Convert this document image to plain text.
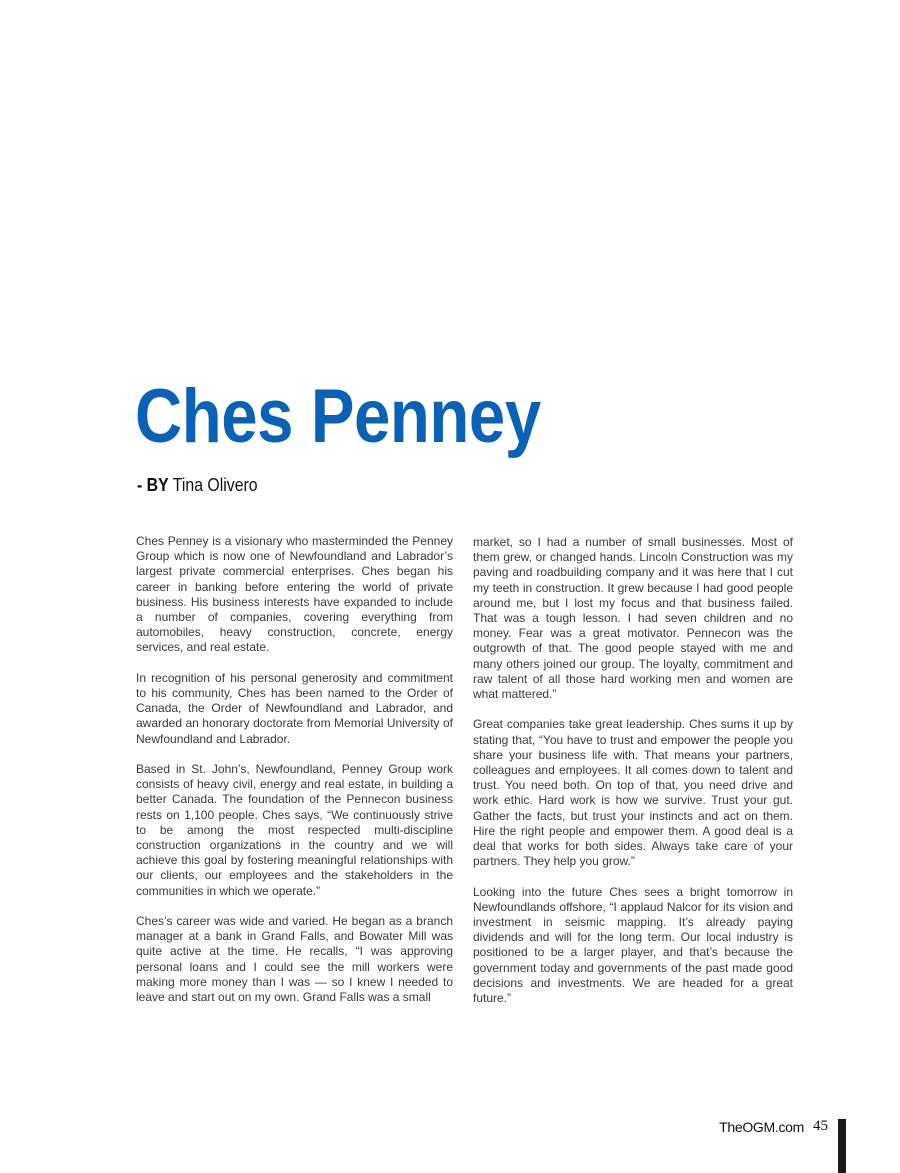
Ches Penney
- BY Tina Olivero

Ches Penney is a visionary who masterminded the Penney Group which is now one of Newfoundland and Labrador’s largest private commercial enterprises. Ches began his career in banking before entering the world of private business. His business interests have expanded to include a number of companies, covering everything from automobiles, heavy construction, concrete, energy services, and real estate.

In recognition of his personal generosity and commitment to his community, Ches has been named to the Order of Canada, the Order of Newfoundland and Labrador, and awarded an honorary doctorate from Memorial University of Newfoundland and Labrador.

Based in St. John’s, Newfoundland, Penney Group work consists of heavy civil, energy and real estate, in building a better Canada. The foundation of the Pennecon business rests on 1,100 people. Ches says, “We continuously strive to be among the most respected multi-discipline construction organizations in the country and we will achieve this goal by fostering meaningful relationships with our clients, our employees and the stakeholders in the communities in which we operate.”

Ches’s career was wide and varied. He began as a branch manager at a bank in Grand Falls, and Bowater Mill was quite active at the time. He recalls, “I was approving personal loans and I could see the mill workers were making more money than I was — so I knew I needed to leave and start out on my own. Grand Falls was a small

market, so I had a number of small businesses. Most of them grew, or changed hands. Lincoln Construction was my paving and roadbuilding company and it was here that I cut my teeth in construction. It grew because I had good people around me, but I lost my focus and that business failed. That was a tough lesson. I had seven children and no money. Fear was a great motivator. Pennecon was the outgrowth of that. The good people stayed with me and many others joined our group. The loyalty, commitment and raw talent of all those hard working men and women are what mattered.”

Great companies take great leadership. Ches sums it up by stating that, “You have to trust and empower the people you share your business life with. That means your partners, colleagues and employees. It all comes down to talent and trust. You need both. On top of that, you need drive and work ethic. Hard work is how we survive. Trust your gut. Gather the facts, but trust your instincts and act on them. Hire the right people and empower them. A good deal is a deal that works for both sides. Always take care of your partners. They help you grow.”

Looking into the future Ches sees a bright tomorrow in Newfoundlands offshore, “I applaud Nalcor for its vision and investment in seismic mapping. It’s already paying dividends and will for the long term. Our local industry is positioned to be a larger player, and that’s because the government today and governments of the past made good decisions and investments. We are headed for a great future.”

TheOGM.com 45
